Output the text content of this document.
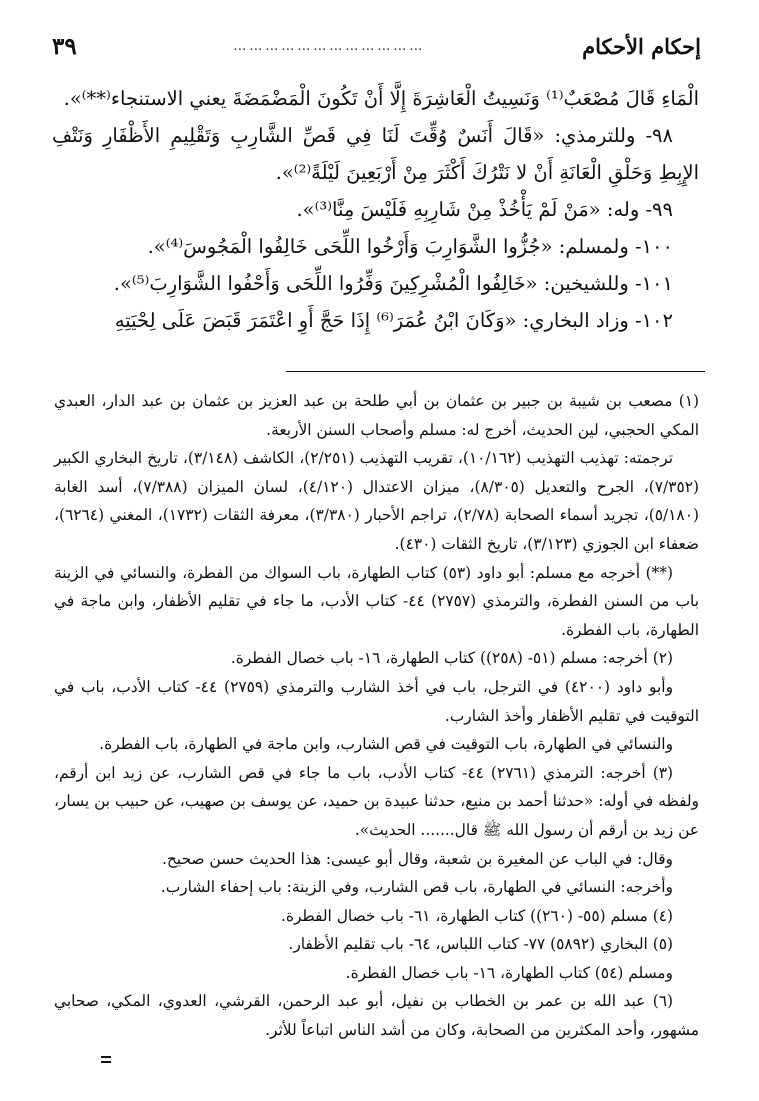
إحكام الأحكام
………………………………
٣٩

الْمَاءِ قَالَ مُصْعَبٌ⁽¹⁾ وَنَسِيتُ الْعَاشِرَةَ إِلَّا أَنْ تَكُونَ الْمَضْمَضَةَ يعني الاستنجاء⁽**⁾».

٩٨- وللترمذي: «قَالَ أَنَسٌ وُقِّتَ لَنَا فِي قَصِّ الشَّارِبِ وَتَقْلِيمِ الأَظْفَارِ وَنَتْفِ الإِبِطِ وَحَلْقِ الْعَانَةِ أَنْ لا نَتْرُكَ أَكْثَرَ مِنْ أَرْبَعِينَ لَيْلَةً⁽²⁾».

٩٩- وله: «مَنْ لَمْ يَأْخُذْ مِنْ شَارِبِهِ فَلَيْسَ مِنَّا⁽³⁾».

١٠٠- ولمسلم: «جُزُّوا الشَّوَارِبَ وَأَرْخُوا اللِّحَى خَالِفُوا الْمَجُوسَ⁽⁴⁾».

١٠١- وللشيخين: «خَالِفُوا الْمُشْرِكِينَ وَفِّرُوا اللِّحَى وَأَحْفُوا الشَّوَارِبَ⁽⁵⁾».

١٠٢- وزاد البخاري: «وَكَانَ ابْنُ عُمَرَ⁽⁶⁾ إِذَا حَجَّ أَوِ اعْتَمَرَ قَبَضَ عَلَى لِحْيَتِهِ

(١) مصعب بن شيبة بن جبير بن عثمان بن أبي طلحة بن عبد العزيز بن عثمان بن عبد الدار، العبدي المكي الحجبي، لين الحديث، أخرج له: مسلم وأصحاب السنن الأربعة.

ترجمته: تهذيب التهذيب (١٠/١٦٢)، تقريب التهذيب (٢/٢٥١)، الكاشف (٣/١٤٨)، تاريخ البخاري الكبير (٧/٣٥٢)، الجرح والتعديل (٨/٣٠٥)، ميزان الاعتدال (٤/١٢٠)، لسان الميزان (٧/٣٨٨)، أسد الغابة (٥/١٨٠)، تجريد أسماء الصحابة (٢/٧٨)، تراجم الأحبار (٣/٣٨٠)، معرفة الثقات (١٧٣٢)، المغني (٦٢٦٤)، ضعفاء ابن الجوزي (٣/١٢٣)، تاريخ الثقات (٤٣٠).

(**) أخرجه مع مسلم: أبو داود (٥٣) كتاب الطهارة، باب السواك من الفطرة، والنسائي في الزينة باب من السنن الفطرة، والترمذي (٢٧٥٧) ٤٤- كتاب الأدب، ما جاء في تقليم الأظفار، وابن ماجة في الطهارة، باب الفطرة.

(٢) أخرجه: مسلم (٥١- (٢٥٨)) كتاب الطهارة، ١٦- باب خصال الفطرة.

وأبو داود (٤٢٠٠) في الترجل، باب في أخذ الشارب والترمذي (٢٧٥٩) ٤٤- كتاب الأدب، باب في التوقيت في تقليم الأظفار وأخذ الشارب.

والنسائي في الطهارة، باب التوقيت في قص الشارب، وابن ماجة في الطهارة، باب الفطرة.

(٣) أخرجه: الترمذي (٢٧٦١) ٤٤- كتاب الأدب، باب ما جاء في قص الشارب، عن زيد ابن أرقم، ولفظه في أوله: «حدثنا أحمد بن منيع، حدثنا عبيدة بن حميد، عن يوسف بن صهيب، عن حبيب بن يسار، عن زيد بن أرقم أن رسول الله ﷺ قال....... الحديث».

وقال: في الباب عن المغيرة بن شعبة، وقال أبو عيسى: هذا الحديث حسن صحيح.

وأخرجه: النسائي في الطهارة، باب قص الشارب، وفي الزينة: باب إحفاء الشارب.

(٤) مسلم (٥٥- (٢٦٠)) كتاب الطهارة، ٦١- باب خصال الفطرة.

(٥) البخاري (٥٨٩٢) ٧٧- كتاب اللباس، ٦٤- باب تقليم الأظفار.

ومسلم (٥٤) كتاب الطهارة، ١٦- باب خصال الفطرة.

(٦) عبد الله بن عمر بن الخطاب بن نفيل، أبو عبد الرحمن، القرشي، العدوي، المكي، صحابي مشهور، وأحد المكثرين من الصحابة، وكان من أشد الناس اتباعاً للأثر.
